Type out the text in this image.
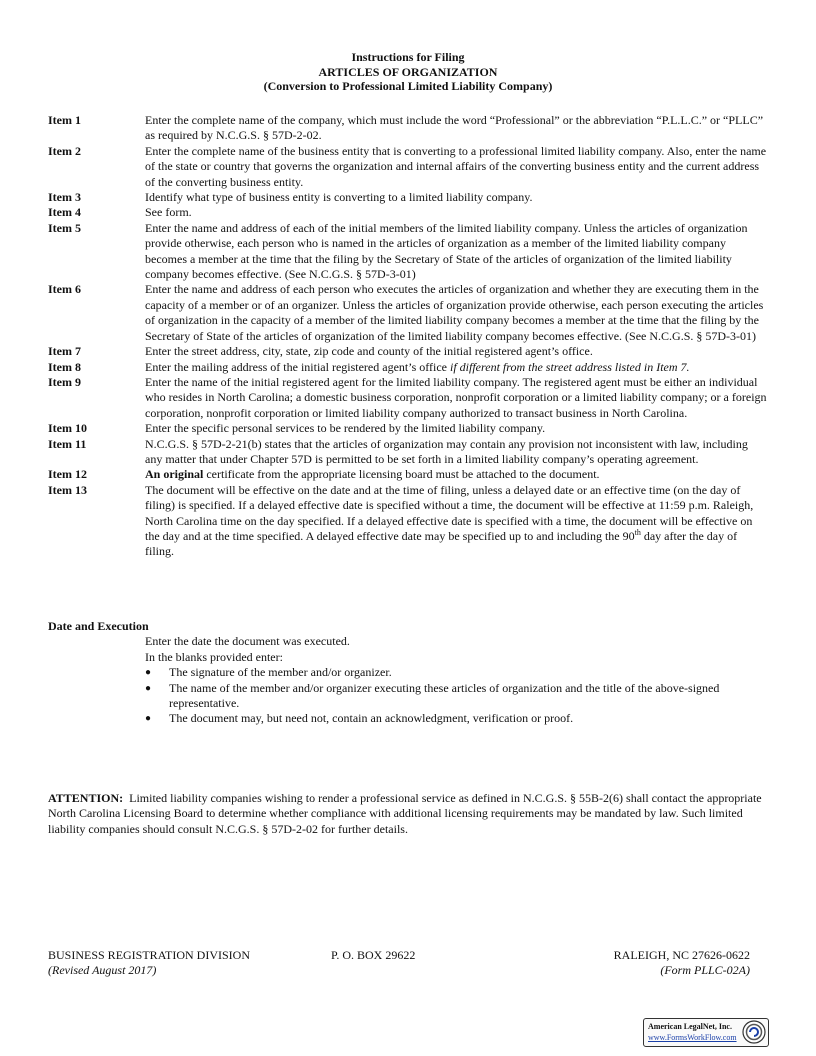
Instructions for Filing
ARTICLES OF ORGANIZATION
(Conversion to Professional Limited Liability Company)
Item 1	Enter the complete name of the company, which must include the word “Professional” or the abbreviation “P.L.L.C.” or “PLLC” as required by N.C.G.S. § 57D-2-02.
Item 2	Enter the complete name of the business entity that is converting to a professional limited liability company. Also, enter the name of the state or country that governs the organization and internal affairs of the converting business entity and the current address of the converting business entity.
Item 3	Identify what type of business entity is converting to a limited liability company.
Item 4	See form.
Item 5	Enter the name and address of each of the initial members of the limited liability company. Unless the articles of organization provide otherwise, each person who is named in the articles of organization as a member of the limited liability company becomes a member at the time that the filing by the Secretary of State of the articles of organization of the limited liability company becomes effective. (See N.C.G.S. § 57D-3-01)
Item 6	Enter the name and address of each person who executes the articles of organization and whether they are executing them in the capacity of a member or of an organizer. Unless the articles of organization provide otherwise, each person executing the articles of organization in the capacity of a member of the limited liability company becomes a member at the time that the filing by the Secretary of State of the articles of organization of the limited liability company becomes effective. (See N.C.G.S. § 57D-3-01)
Item 7	Enter the street address, city, state, zip code and county of the initial registered agent’s office.
Item 8	Enter the mailing address of the initial registered agent’s office if different from the street address listed in Item 7.
Item 9	Enter the name of the initial registered agent for the limited liability company. The registered agent must be either an individual who resides in North Carolina; a domestic business corporation, nonprofit corporation or a limited liability company; or a foreign corporation, nonprofit corporation or limited liability company authorized to transact business in North Carolina.
Item 10	Enter the specific personal services to be rendered by the limited liability company.
Item 11	N.C.G.S. § 57D-2-21(b) states that the articles of organization may contain any provision not inconsistent with law, including any matter that under Chapter 57D is permitted to be set forth in a limited liability company’s operating agreement.
Item 12	An original certificate from the appropriate licensing board must be attached to the document.
Item 13	The document will be effective on the date and at the time of filing, unless a delayed date or an effective time (on the day of filing) is specified. If a delayed effective date is specified without a time, the document will be effective at 11:59 p.m. Raleigh, North Carolina time on the day specified. If a delayed effective date is specified with a time, the document will be effective on the day and at the time specified. A delayed effective date may be specified up to and including the 90th day after the day of filing.
Date and Execution
Enter the date the document was executed.
In the blanks provided enter:
●	The signature of the member and/or organizer.
●	The name of the member and/or organizer executing these articles of organization and the title of the above-signed representative.
●	The document may, but need not, contain an acknowledgment, verification or proof.
ATTENTION: Limited liability companies wishing to render a professional service as defined in N.C.G.S. § 55B-2(6) shall contact the appropriate North Carolina Licensing Board to determine whether compliance with additional licensing requirements may be mandated by law. Such limited liability companies should consult N.C.G.S. § 57D-2-02 for further details.
BUSINESS REGISTRATION DIVISION	P. O. BOX 29622	RALEIGH, NC 27626-0622
(Revised August 2017)	(Form PLLC-02A)
American LegalNet, Inc.
www.FormsWorkFlow.com
